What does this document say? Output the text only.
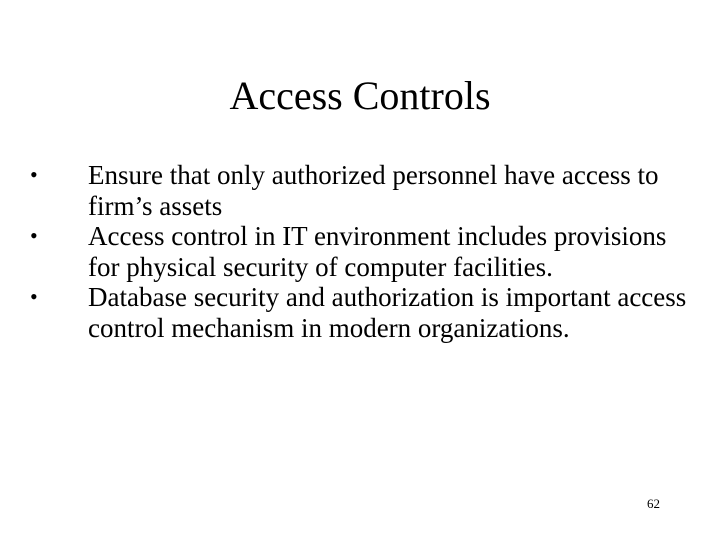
Access Controls
•	Ensure that only authorized personnel have access to firm’s assets
•	Access control in IT environment includes provisions for physical security of computer facilities.
•	Database security and authorization is important access control mechanism in modern organizations.
62
